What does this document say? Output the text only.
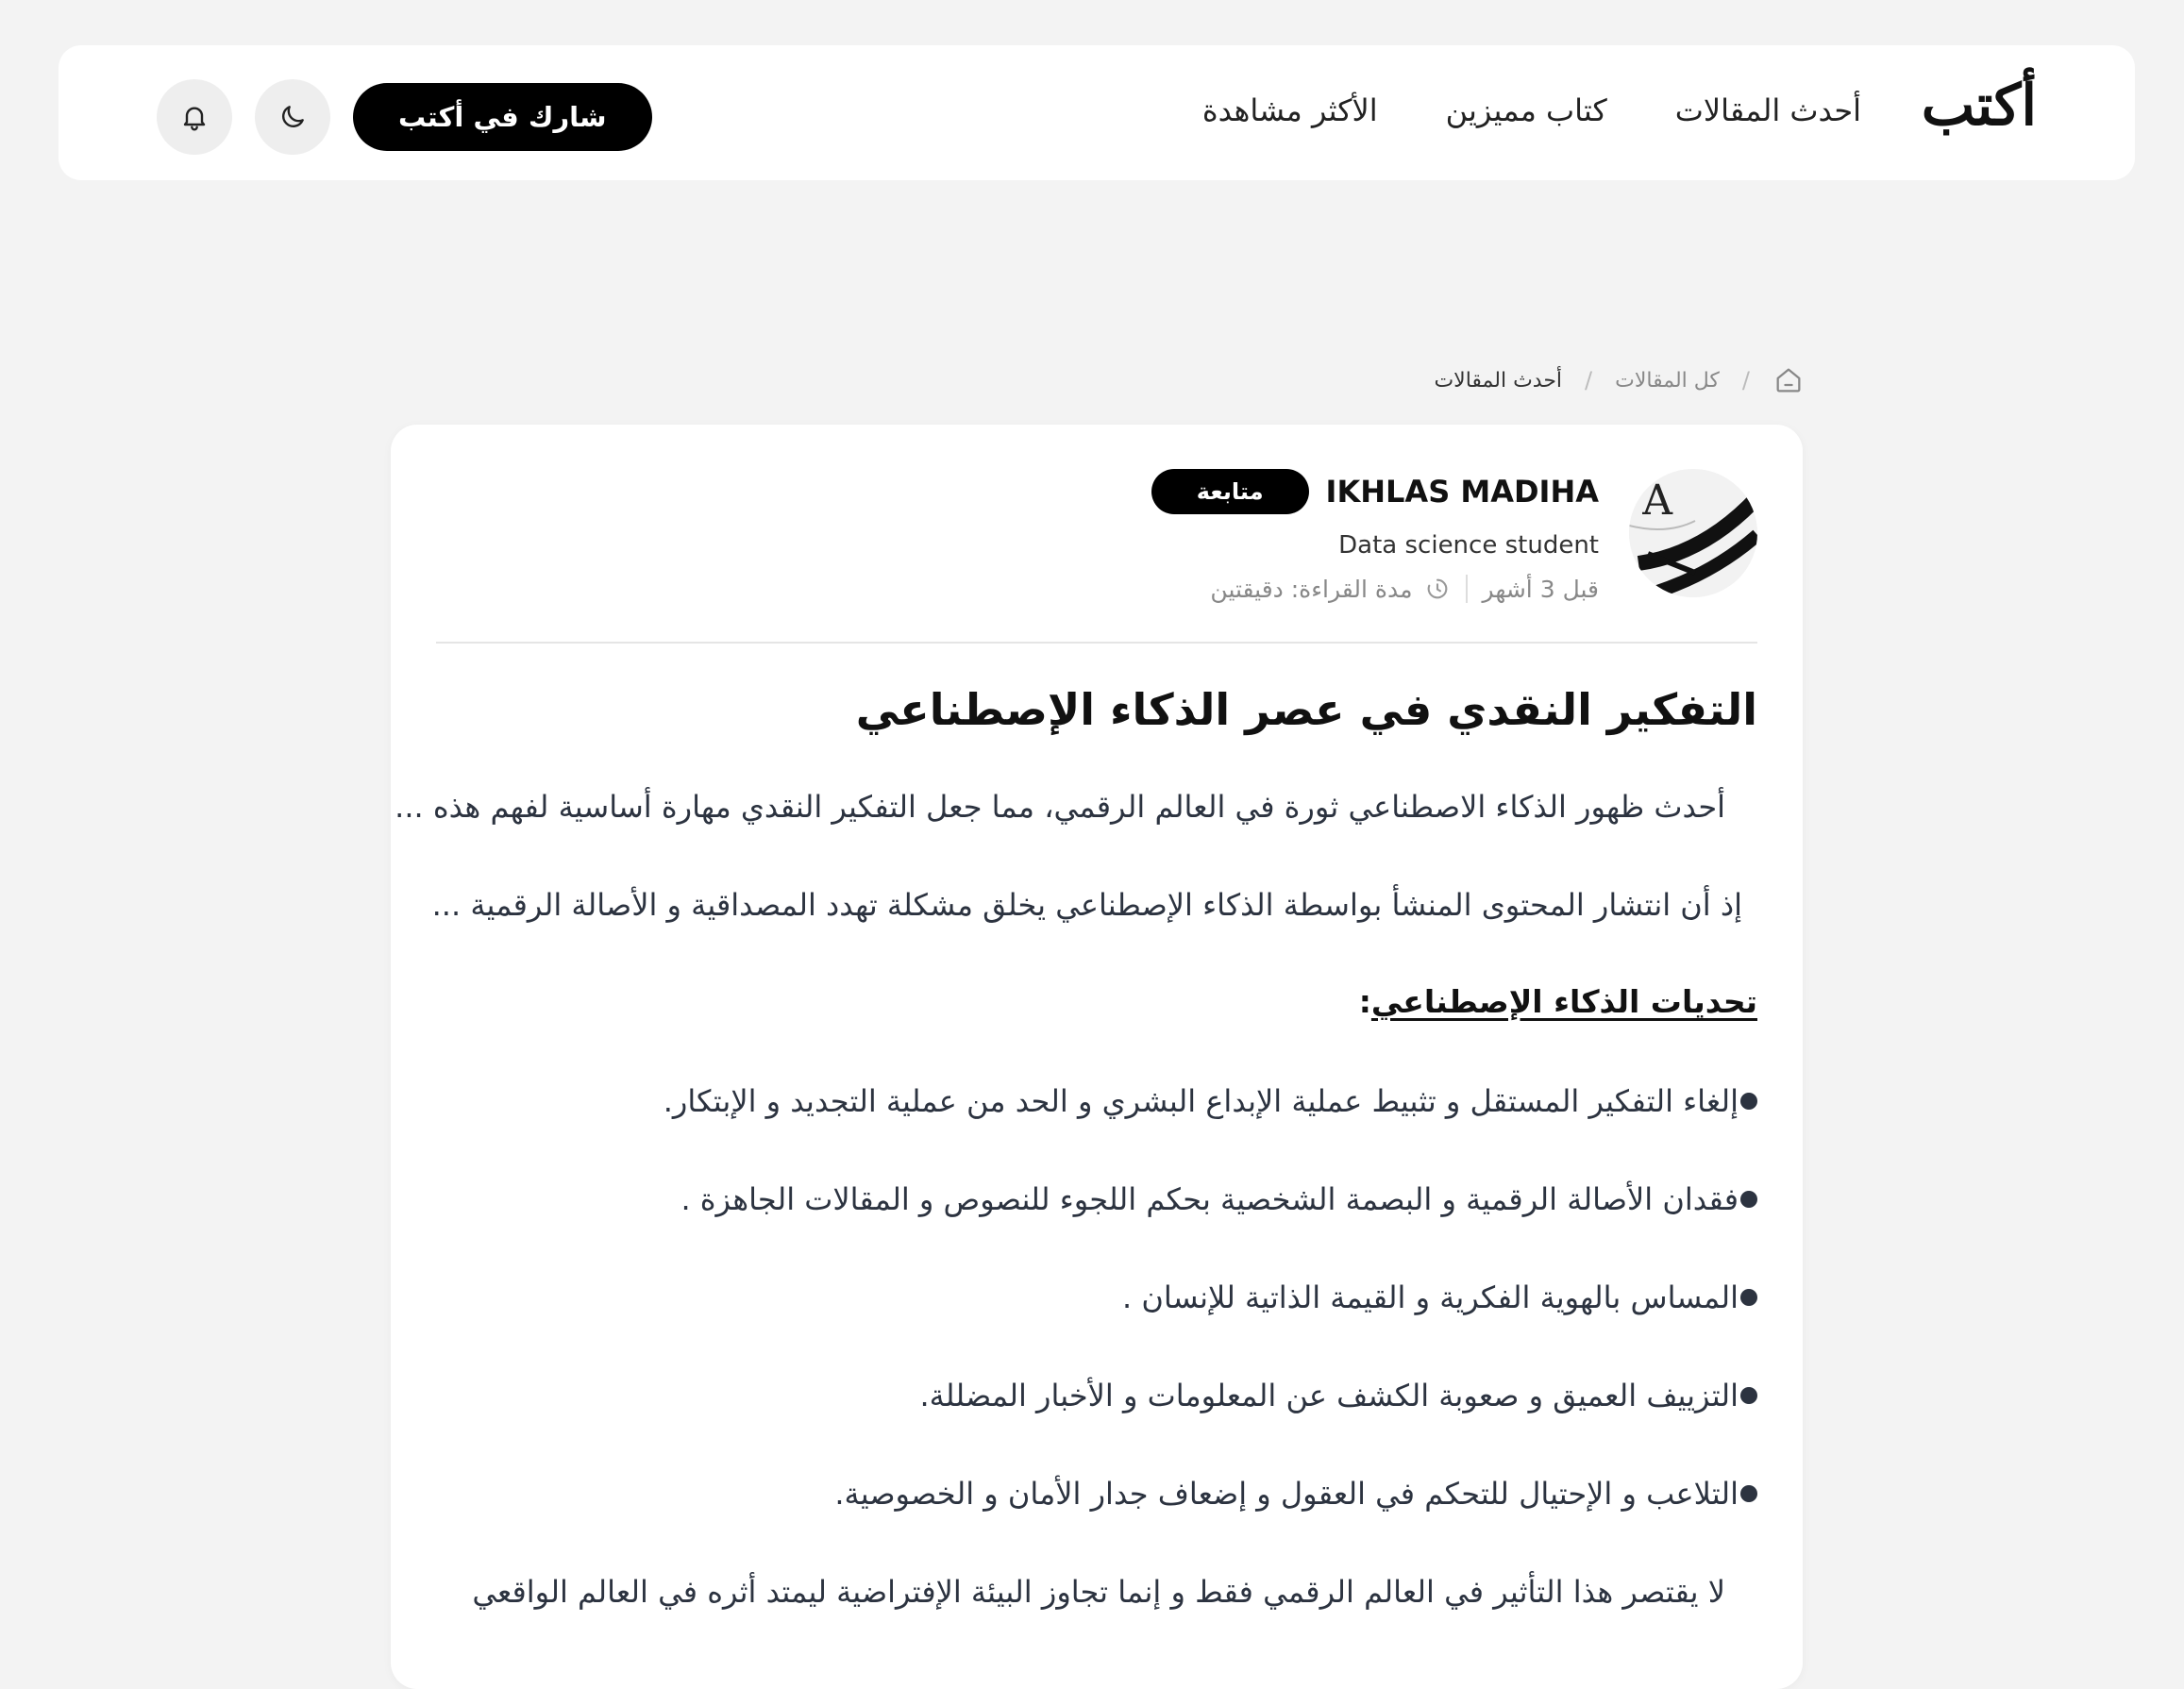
أكتب
أحدث المقالات
كتاب مميزين
الأكثر مشاهدة
شارك في أكتب
/
كل المقالات
/
أحدث المقالات
A
IKHLAS MADIHA
متابعة
Data science student
قبل 3 أشهر
مدة القراءة: دقيقتين
التفكير النقدي في عصر الذكاء الإصطناعي

أحدث ظهور الذكاء الاصطناعي ثورة في العالم الرقمي، مما جعل التفكير النقدي مهارة أساسية لفهم هذه ...

إذ أن انتشار المحتوى المنشأ بواسطة الذكاء الإصطناعي يخلق مشكلة تهدد المصداقية و الأصالة الرقمية ...

تحديات الذكاء الإصطناعي:
إلغاء التفكير المستقل و تثبيط عملية الإبداع البشري و الحد من عملية التجديد و الإبتكار.
فقدان الأصالة الرقمية و البصمة الشخصية بحكم اللجوء للنصوص و المقالات الجاهزة .
المساس بالهوية الفكرية و القيمة الذاتية للإنسان .
التزييف العميق و صعوبة الكشف عن المعلومات و الأخبار المضللة.
التلاعب و الإحتيال للتحكم في العقول و إضعاف جدار الأمان و الخصوصية.

لا يقتصر هذا التأثير في العالم الرقمي فقط و إنما تجاوز البيئة الإفتراضية ليمتد أثره في العالم الواقعي
